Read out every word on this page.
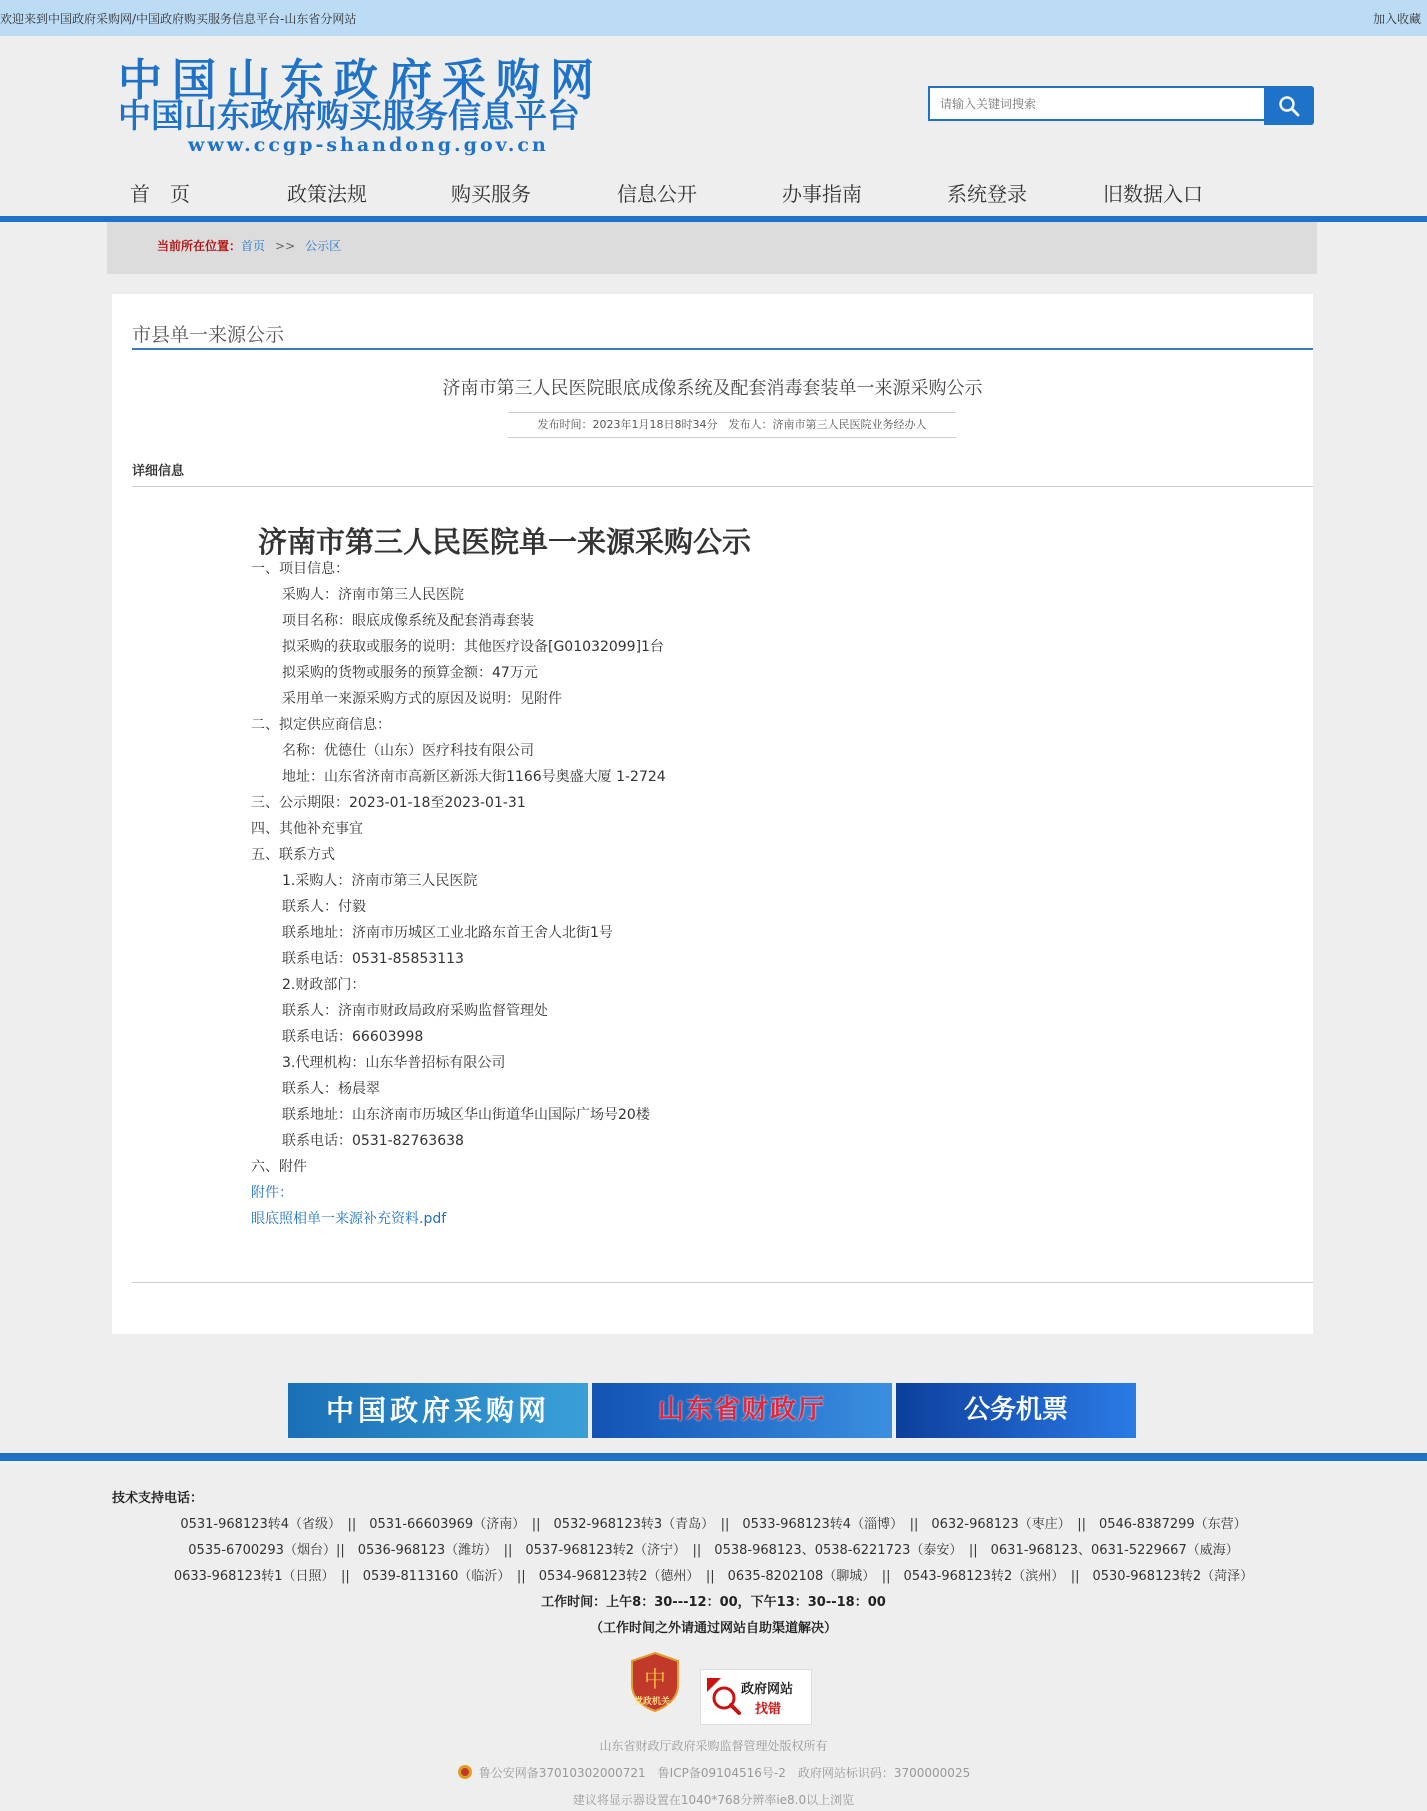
欢迎来到中国政府采购网/中国政府购买服务信息平台-山东省分网站	加入收藏
中国山东政府采购网
中国山东政府购买服务信息平台
www.ccgp-shandong.gov.cn
请输入关键词搜索
首　页	政策法规	购买服务	信息公开	办事指南	系统登录	旧数据入口
当前所在位置：首页 >> 公示区
市县单一来源公示
济南市第三人民医院眼底成像系统及配套消毒套装单一来源采购公示
发布时间：2023年1月18日8时34分　发布人：济南市第三人民医院业务经办人
详细信息
济南市第三人民医院单一来源采购公示
一、项目信息：
采购人：济南市第三人民医院
项目名称：眼底成像系统及配套消毒套装
拟采购的获取或服务的说明：其他医疗设备[G01032099]1台
拟采购的货物或服务的预算金额：47万元
采用单一来源采购方式的原因及说明：见附件
二、拟定供应商信息：
名称：优德仕（山东）医疗科技有限公司
地址：山东省济南市高新区新泺大街1166号奥盛大厦 1-2724
三、公示期限：2023-01-18至2023-01-31
四、其他补充事宜
五、联系方式
1.采购人：济南市第三人民医院
联系人：付毅
联系地址：济南市历城区工业北路东首王舍人北街1号
联系电话：0531-85853113
2.财政部门：
联系人：济南市财政局政府采购监督管理处
联系电话：66603998
3.代理机构：山东华普招标有限公司
联系人：杨晨翠
联系地址：山东济南市历城区华山街道华山国际广场号20楼
联系电话：0531-82763638
六、附件
附件：
眼底照相单一来源补充资料.pdf
中国政府采购网	山东省财政厅	公务机票
技术支持电话：
0531-968123转4（省级）　||　0531-66603969（济南）　||　0532-968123转3（青岛）　||　0533-968123转4（淄博）　||　0632-968123（枣庄）　||　0546-8387299（东营）
0535-6700293（烟台）||　0536-968123（潍坊）　||　0537-968123转2（济宁）　||　0538-968123、0538-6221723（泰安）　||　0631-968123、0631-5229667（威海）
0633-968123转1（日照）　||　0539-8113160（临沂）　||　0534-968123转2（德州）　||　0635-8202108（聊城）　||　0543-968123转2（滨州）　||　0530-968123转2（菏泽）
工作时间：上午8：30---12：00，下午13：30--18：00
（工作时间之外请通过网站自助渠道解决）
中
党政机关
政府网站
找错
山东省财政厅政府采购监督管理处版权所有
鲁公安网备37010302000721　鲁ICP备09104516号-2　政府网站标识码：3700000025
建议将显示器设置在1040*768分辨率ie8.0以上浏览
